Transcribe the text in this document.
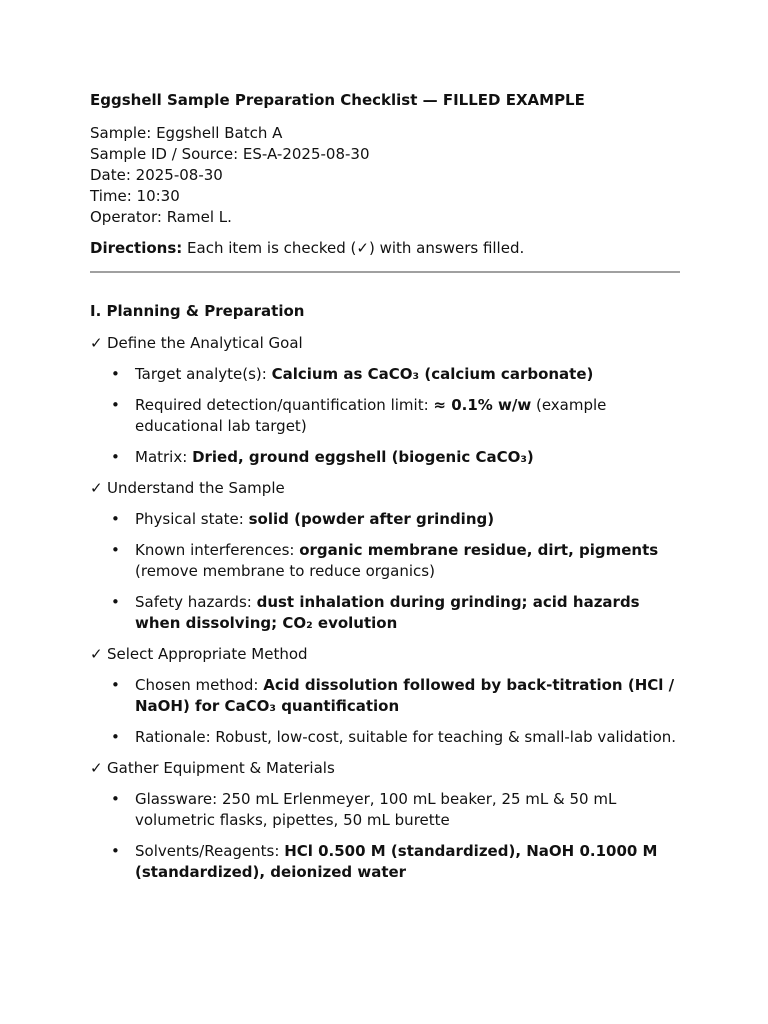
Eggshell Sample Preparation Checklist — FILLED EXAMPLE
Sample: Eggshell Batch A
Sample ID / Source: ES-A-2025-08-30
Date: 2025-08-30
Time: 10:30
Operator: Ramel L.
Directions: Each item is checked (✓) with answers filled.
I. Planning & Preparation
✓ Define the Analytical Goal
• Target analyte(s): Calcium as CaCO₃ (calcium carbonate)
• Required detection/quantification limit: ≈ 0.1% w/w (example educational lab target)
• Matrix: Dried, ground eggshell (biogenic CaCO₃)
✓ Understand the Sample
• Physical state: solid (powder after grinding)
• Known interferences: organic membrane residue, dirt, pigments (remove membrane to reduce organics)
• Safety hazards: dust inhalation during grinding; acid hazards when dissolving; CO₂ evolution
✓ Select Appropriate Method
• Chosen method: Acid dissolution followed by back-titration (HCl / NaOH) for CaCO₃ quantification
• Rationale: Robust, low-cost, suitable for teaching & small-lab validation.
✓ Gather Equipment & Materials
• Glassware: 250 mL Erlenmeyer, 100 mL beaker, 25 mL & 50 mL volumetric flasks, pipettes, 50 mL burette
• Solvents/Reagents: HCl 0.500 M (standardized), NaOH 0.1000 M (standardized), deionized water
